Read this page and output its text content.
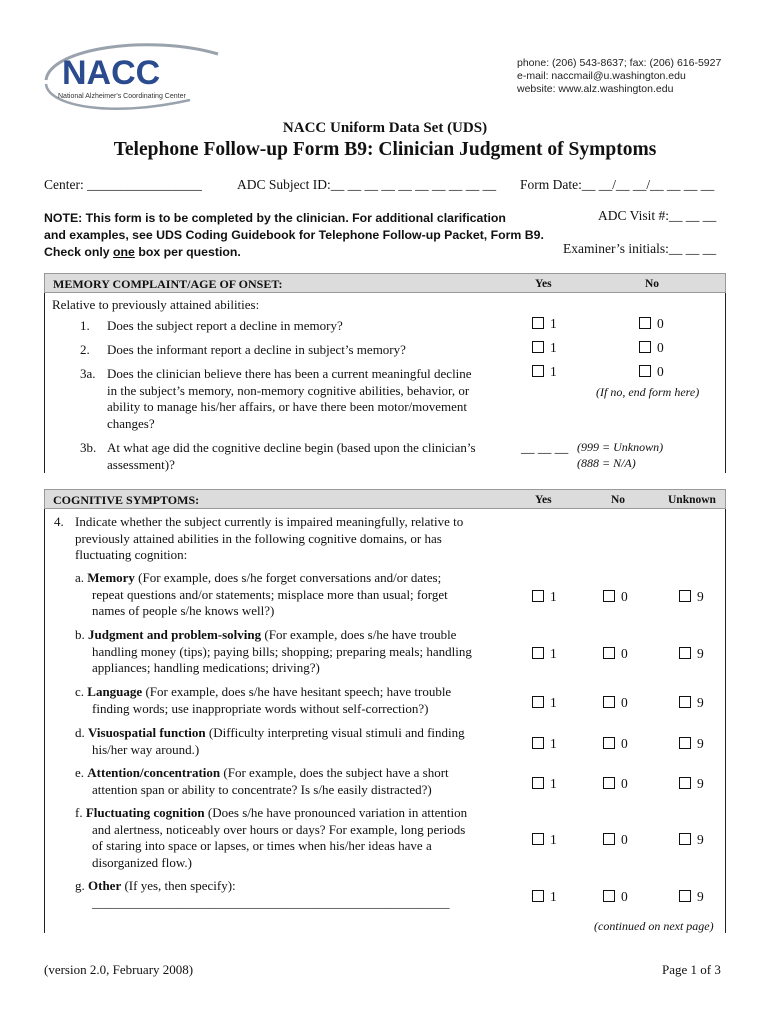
NACC
National Alzheimer's Coordinating Center
phone: (206) 543-8637; fax: (206) 616-5927
e-mail: naccmail@u.washington.edu
website: www.alz.washington.edu
NACC Uniform Data Set (UDS)
Telephone Follow-up Form B9: Clinician Judgment of Symptoms
Center: _________________	ADC Subject ID:__ __ __ __ __ __ __ __ __ __ Form Date:__ __/__ __/__ __ __ __
ADC Visit #:__ __ __
Examiner’s initials:__ __ __
NOTE: This form is to be completed by the clinician. For additional clarification
and examples, see UDS Coding Guidebook for Telephone Follow-up Packet, Form B9.
Check only one box per question.
MEMORY COMPLAINT/AGE OF ONSET:	Yes	No
Relative to previously attained abilities:
1. Does the subject report a decline in memory?	1	0
2. Does the informant report a decline in subject’s memory?	1	0
3a. Does the clinician believe there has been a current meaningful decline
in the subject’s memory, non-memory cognitive abilities, behavior, or
ability to manage his/her affairs, or have there been motor/movement
changes?
1	0
(If no, end form here)
3b. At what age did the cognitive decline begin (based upon the clinician’s
assessment)?
__ __ __ (999 = Unknown)
(888 = N/A)
COGNITIVE SYMPTOMS:	Yes	No	Unknown
4. Indicate whether the subject currently is impaired meaningfully, relative to
previously attained abilities in the following cognitive domains, or has
fluctuating cognition:
a. Memory (For example, does s/he forget conversations and/or dates;
repeat questions and/or statements; misplace more than usual; forget
names of people s/he knows well?)
1	0	9
b. Judgment and problem-solving (For example, does s/he have trouble
handling money (tips); paying bills; shopping; preparing meals; handling
appliances; handling medications; driving?)
1	0	9
c. Language (For example, does s/he have hesitant speech; have trouble
finding words; use inappropriate words without self-correction?)	1	0	9
d. Visuospatial function (Difficulty interpreting visual stimuli and finding
his/her way around.)	1	0	9
e. Attention/concentration (For example, does the subject have a short
attention span or ability to concentrate? Is s/he easily distracted?)	1	0	9
f. Fluctuating cognition (Does s/he have pronounced variation in attention
and alertness, noticeably over hours or days? For example, long periods
of staring into space or lapses, or times when his/her ideas have a
disorganized flow.)
1	0	9
g. Other (If yes, then specify):
_______________________________________________________	1	0	9
(continued on next page)
(version 2.0, February 2008)	Page 1 of 3
